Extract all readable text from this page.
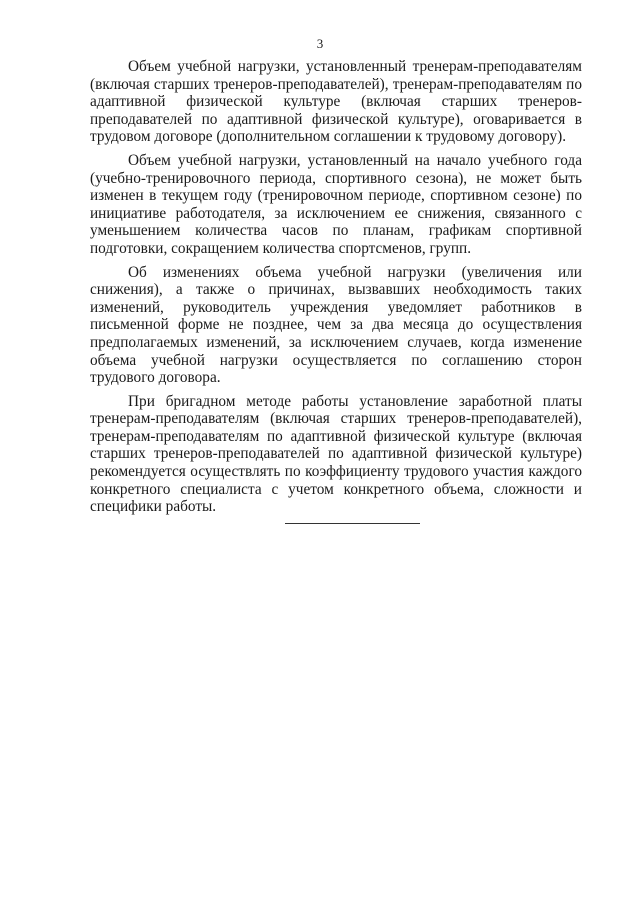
3

Объем учебной нагрузки, установленный тренерам-преподавателям (включая старших тренеров-преподавателей), тренерам-преподавателям по адаптивной физической культуре (включая старших тренеров-преподавателей по адаптивной физической культуре), оговаривается в трудовом договоре (дополнительном соглашении к трудовому договору).

Объем учебной нагрузки, установленный на начало учебного года (учебно-тренировочного периода, спортивного сезона), не может быть изменен в текущем году (тренировочном периоде, спортивном сезоне) по инициативе работодателя, за исключением ее снижения, связанного с уменьшением количества часов по планам, графикам спортивной подготовки, сокращением количества спортсменов, групп.

Об изменениях объема учебной нагрузки (увеличения или снижения), а также о причинах, вызвавших необходимость таких изменений, руководитель учреждения уведомляет работников в письменной форме не позднее, чем за два месяца до осуществления предполагаемых изменений, за исключением случаев, когда изменение объема учебной нагрузки осуществляется по соглашению сторон трудового договора.

При бригадном методе работы установление заработной платы тренерам-преподавателям (включая старших тренеров-преподавателей), тренерам-преподавателям по адаптивной физической культуре (включая старших тренеров-преподавателей по адаптивной физической культуре) рекомендуется осуществлять по коэффициенту трудового участия каждого конкретного специалиста с учетом конкретного объема, сложности и специфики работы.
